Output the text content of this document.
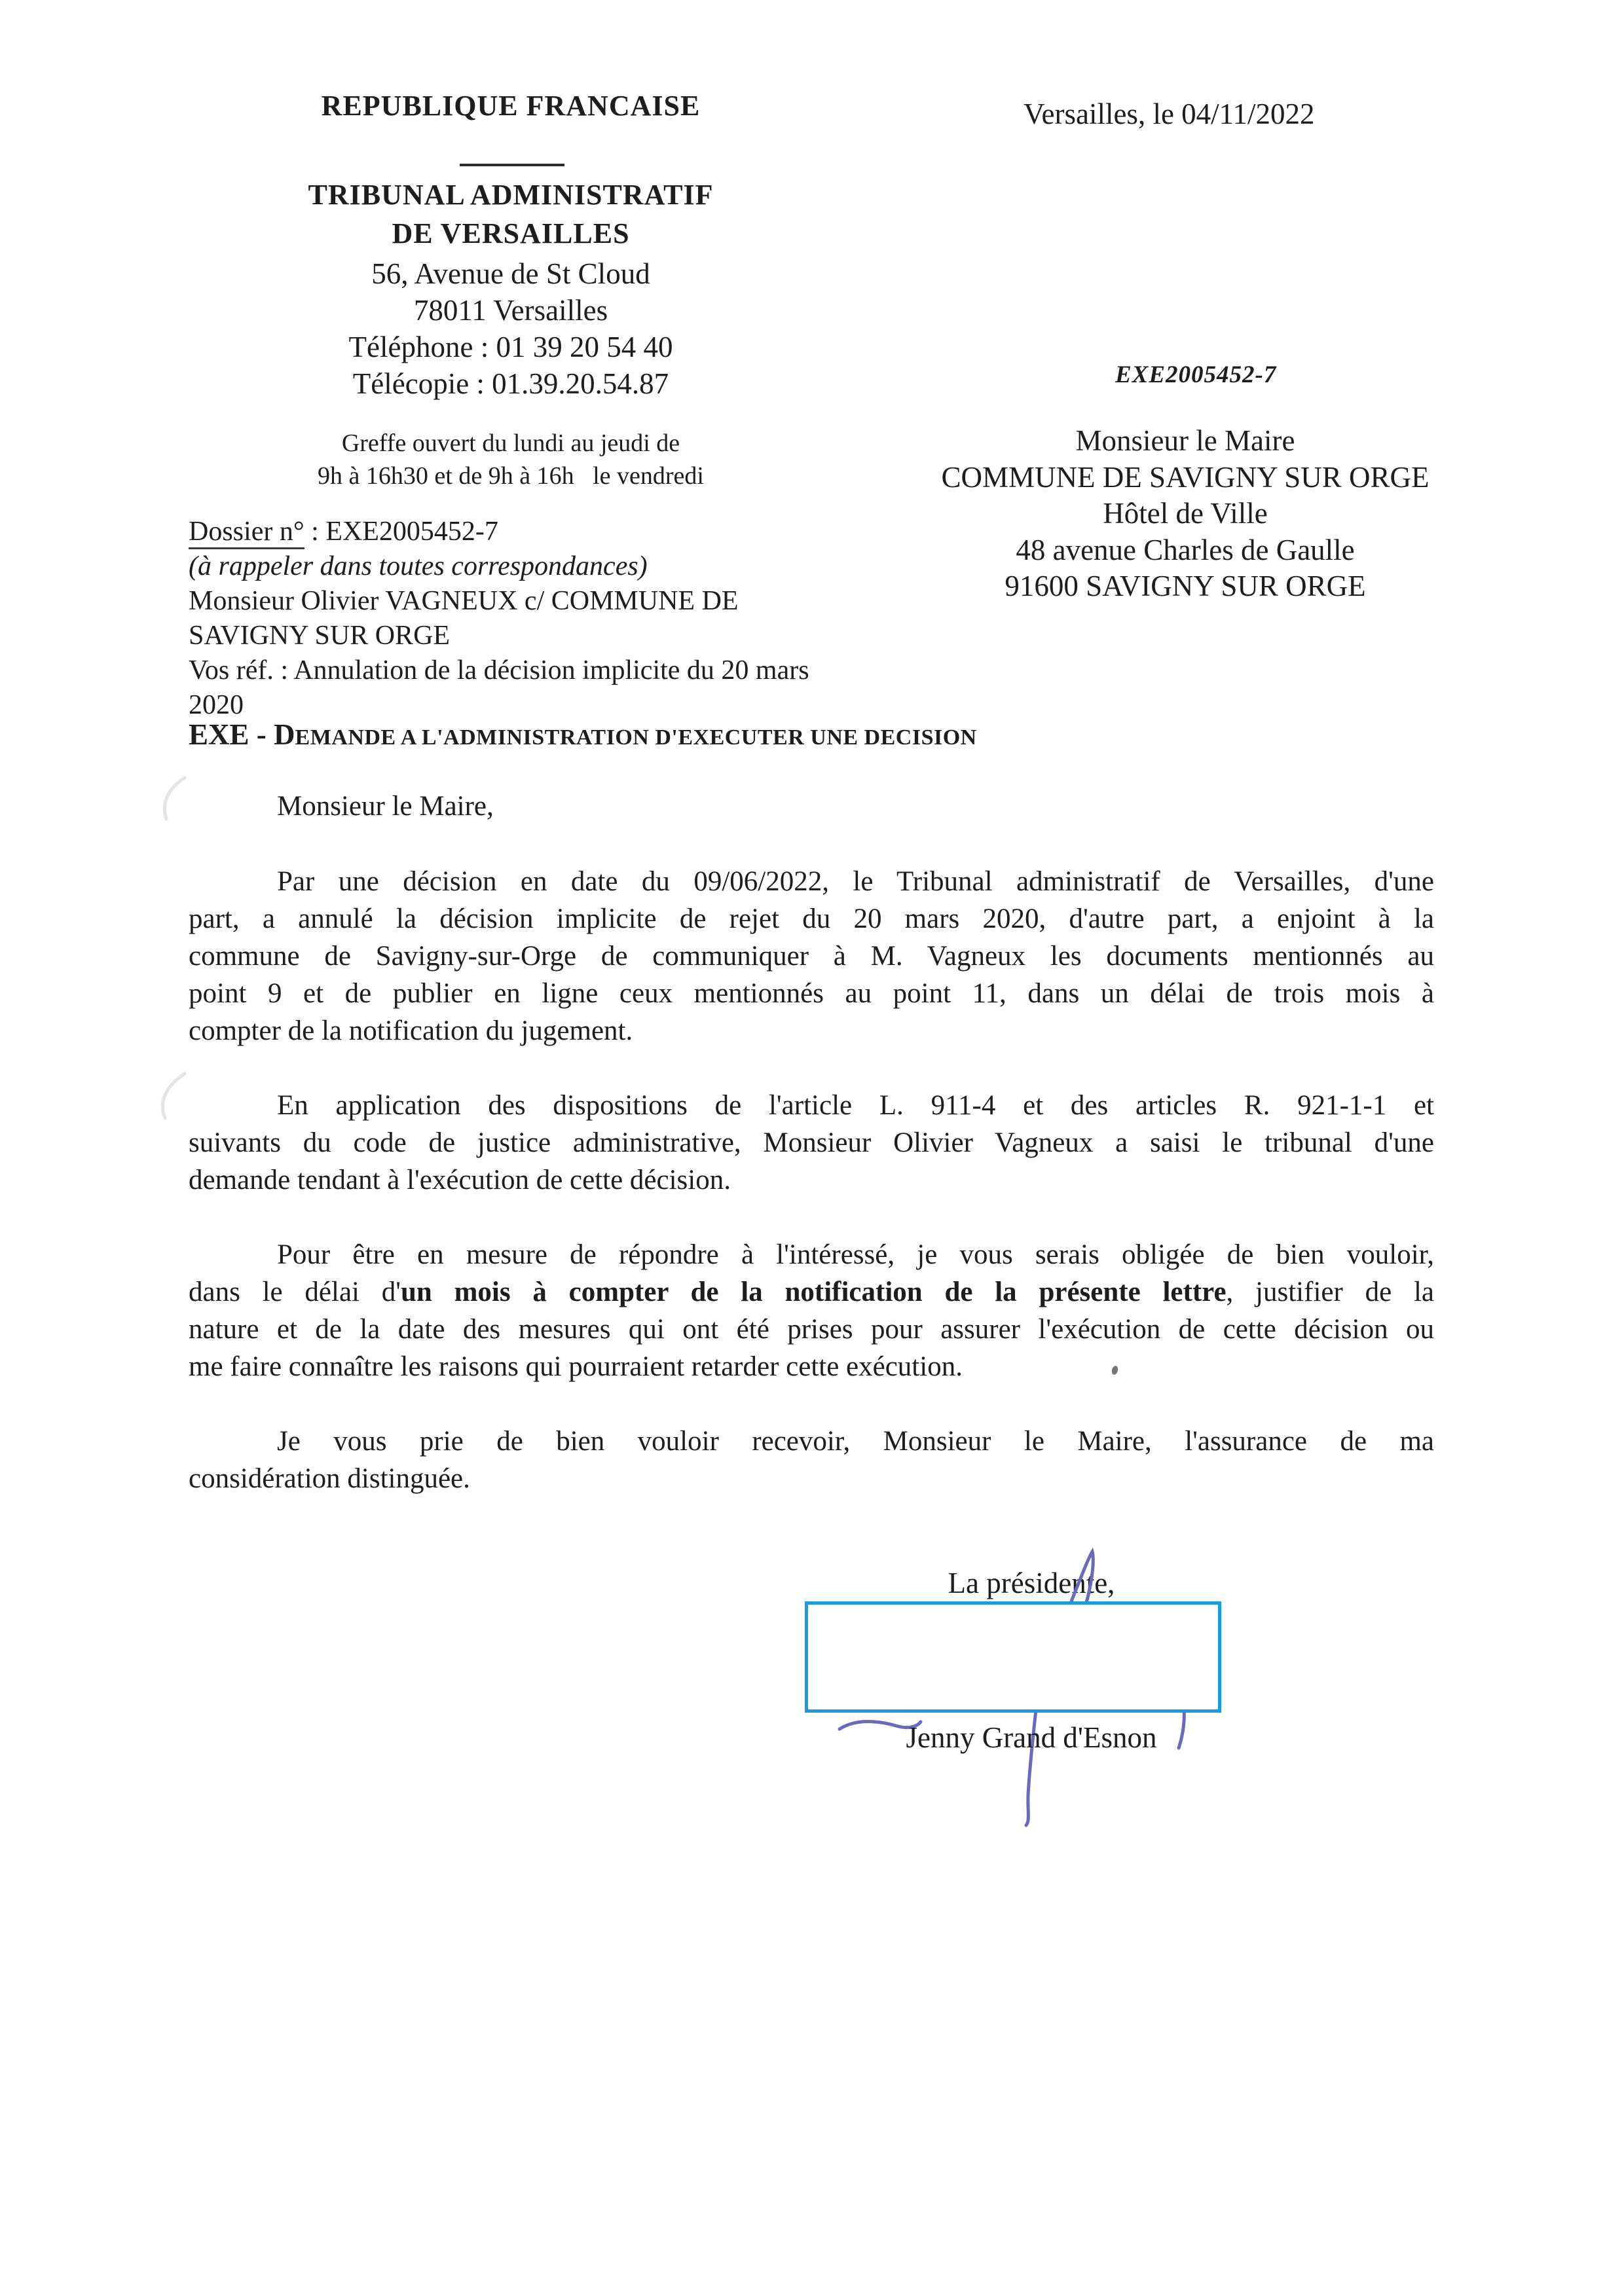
REPUBLIQUE FRANCAISE
TRIBUNAL ADMINISTRATIF
DE VERSAILLES
56, Avenue de St Cloud
78011 Versailles
Téléphone : 01 39 20 54 40
Télécopie : 01.39.20.54.87
Greffe ouvert du lundi au jeudi de
9h à 16h30 et de 9h à 16h   le vendredi
Versailles, le 04/11/2022
EXE2005452-7
Monsieur le Maire
COMMUNE DE SAVIGNY SUR ORGE
Hôtel de Ville
48 avenue Charles de Gaulle
91600 SAVIGNY SUR ORGE
Dossier n° : EXE2005452-7
(à rappeler dans toutes correspondances)
Monsieur Olivier VAGNEUX c/ COMMUNE DE
SAVIGNY SUR ORGE
Vos réf. : Annulation de la décision implicite du 20 mars
2020
EXE - DEMANDE A L'ADMINISTRATION D'EXECUTER UNE DECISION
Monsieur le Maire,
Par une décision en date du 09/06/2022, le Tribunal administratif de Versailles, d'une
part, a annulé la décision implicite de rejet du 20 mars 2020, d'autre part, a enjoint à la
commune de Savigny-sur-Orge de communiquer à M. Vagneux les documents mentionnés au
point 9 et de publier en ligne ceux mentionnés au point 11, dans un délai de trois mois à
compter de la notification du jugement.
En application des dispositions de l'article L. 911-4 et des articles R. 921-1-1 et
suivants du code de justice administrative, Monsieur Olivier Vagneux a saisi le tribunal d'une
demande tendant à l'exécution de cette décision.
Pour être en mesure de répondre à l'intéressé, je vous serais obligée de bien vouloir,
dans le délai d'un mois à compter de la notification de la présente lettre, justifier de la
nature et de la date des mesures qui ont été prises pour assurer l'exécution de cette décision ou
me faire connaître les raisons qui pourraient retarder cette exécution.
Je vous prie de bien vouloir recevoir, Monsieur le Maire, l'assurance de ma
considération distinguée.
La présidente,
Jenny Grand d'Esnon
